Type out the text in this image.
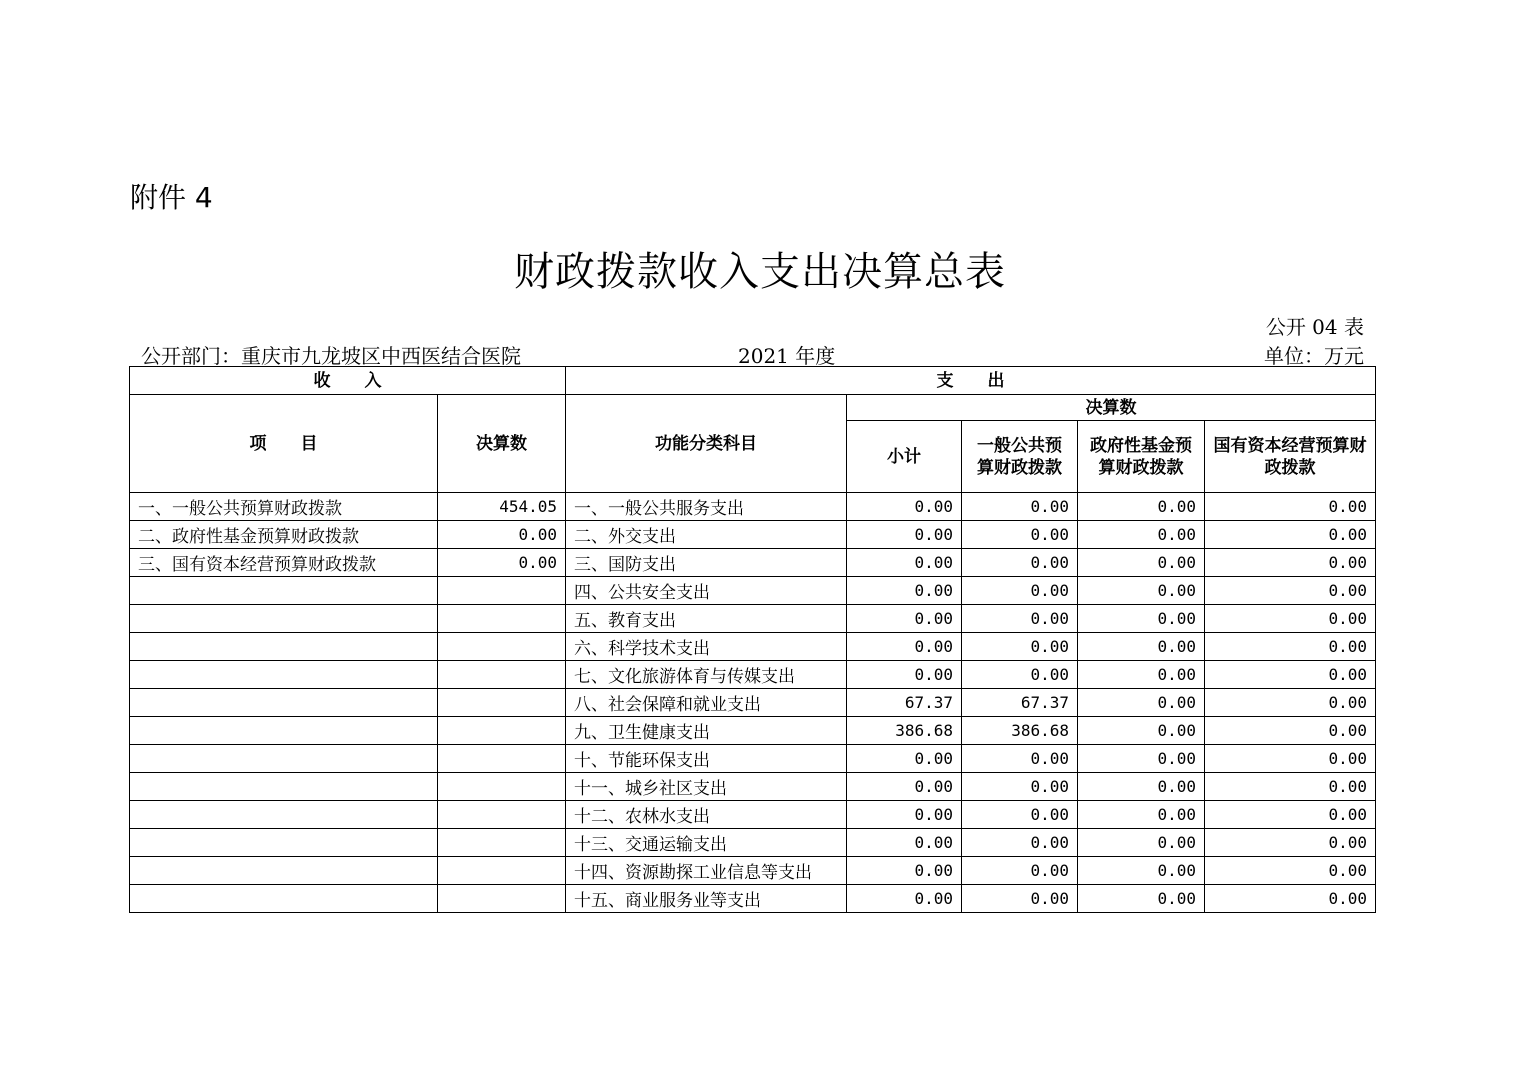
附件 4
财政拨款收入支出决算总表
公开 04 表
公开部门：重庆市九龙坡区中西医结合医院	2021 年度	单位：万元
收　　入		支　　出				
项　　目	决算数	功能分类科目	决算数			
			小计	一般公共预算财政拨款	政府性基金预算财政拨款	国有资本经营预算财政拨款
一、一般公共预算财政拨款	454.05	一、一般公共服务支出	0.00	0.00	0.00	0.00
二、政府性基金预算财政拨款	0.00	二、外交支出	0.00	0.00	0.00	0.00
三、国有资本经营预算财政拨款	0.00	三、国防支出	0.00	0.00	0.00	0.00
		四、公共安全支出	0.00	0.00	0.00	0.00
		五、教育支出	0.00	0.00	0.00	0.00
		六、科学技术支出	0.00	0.00	0.00	0.00
		七、文化旅游体育与传媒支出	0.00	0.00	0.00	0.00
		八、社会保障和就业支出	67.37	67.37	0.00	0.00
		九、卫生健康支出	386.68	386.68	0.00	0.00
		十、节能环保支出	0.00	0.00	0.00	0.00
		十一、城乡社区支出	0.00	0.00	0.00	0.00
		十二、农林水支出	0.00	0.00	0.00	0.00
		十三、交通运输支出	0.00	0.00	0.00	0.00
		十四、资源勘探工业信息等支出	0.00	0.00	0.00	0.00
		十五、商业服务业等支出	0.00	0.00	0.00	0.00
